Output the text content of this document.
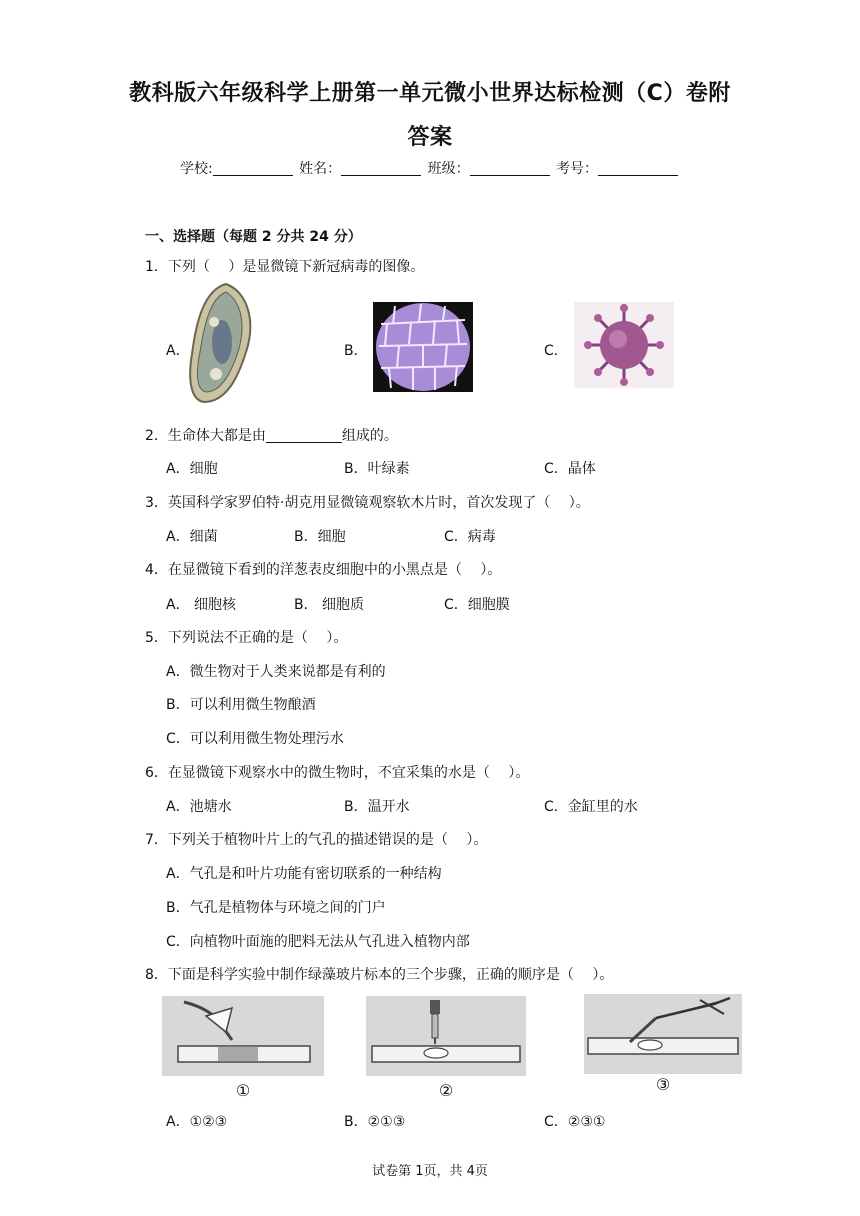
教科版六年级科学上册第一单元微小世界达标检测（C）卷附
答案
学校:	姓名：	班级：	考号：
一、选择题（每题 2 分共 24 分）
1．下列（　 ）是显微镜下新冠病毒的图像。
A．	B．	C．
2．生命体大都是由	组成的。
A．细胞	B．叶绿素	C．晶体
3．英国科学家罗伯特·胡克用显微镜观察软木片时，首次发现了（　 ）。
A．细菌	B．细胞	C．病毒
4．在显微镜下看到的洋葱表皮细胞中的小黑点是（　 ）。
A． 细胞核	B． 细胞质	C．细胞膜
5．下列说法不正确的是（　 ）。
A．微生物对于人类来说都是有利的
B．可以利用微生物酿酒
C．可以利用微生物处理污水
6．在显微镜下观察水中的微生物时，不宜采集的水是（　 ）。
A．池塘水	B．温开水	C．金缸里的水
7．下列关于植物叶片上的气孔的描述错误的是（　 ）。
A．气孔是和叶片功能有密切联系的一种结构
B．气孔是植物体与环境之间的门户
C．向植物叶面施的肥料无法从气孔进入植物内部
8．下面是科学实验中制作绿藻玻片标本的三个步骤，正确的顺序是（　 ）。
①	②	③
A．①②③	B．②①③	C．②③①
试卷第 1页，共 4页
